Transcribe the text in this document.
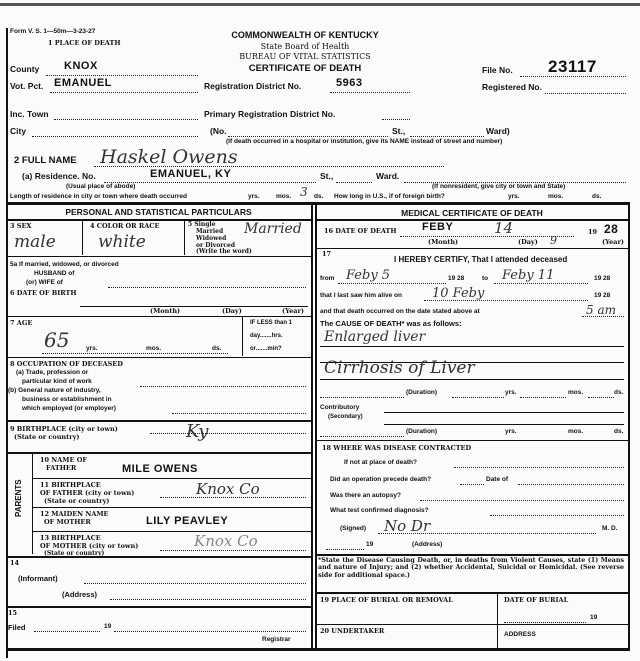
Form V. S. 1—50m—3-23-27
1 PLACE OF DEATH
COMMONWEALTH OF KENTUCKY
State Board of Health
BUREAU OF VITAL STATISTICS
CERTIFICATE OF DEATH
County KNOX
Vot. Pct. EMANUEL	Registration District No.	5963
File No. 23117
Registered No.
Inc. Town	Primary Registration District No.
City	(No.	St.,	Ward)
(If death occurred in a hospital or institution, give its NAME instead of street and number)
2 FULL NAME Haskel Owens
(a) Residence. No.	EMANUEL, KY	St.,	Ward.
(Usual place of abode)	(If nonresident, give city or town and State)
Length of residence in city or town where death occurred	yrs.	mos. 3 ds. How long in U.S., if of foreign birth?	yrs.	mos.	ds.
PERSONAL AND STATISTICAL PARTICULARS
3 SEX
male
4 COLOR OR RACE
white
5 Single
Married
Widowed
or Divorced
(Write the word)
Married
5a If married, widowed, or divorced
HUSBAND of
(or) WIFE of
6 DATE OF BIRTH
(Month)	(Day)	(Year)
7 AGE
65	yrs.	mos.	ds.
IF LESS than 1
day.......hrs.
or.......min?
8 OCCUPATION OF DECEASED
(a) Trade, profession or
particular kind of work
(b) General nature of industry,
business or establishment in
which employed (or employer)
9 BIRTHPLACE (city or town)
(State or country)	Ky
PARENTS
10 NAME OF
FATHER	MILE OWENS
11 BIRTHPLACE
OF FATHER (city or town)
(State or country)
Knox Co
12 MAIDEN NAME
OF MOTHER	LILY PEAVLEY
13 BIRTHPLACE
OF MOTHER (city or town)
(State or country)
Knox Co
14
(Informant)
(Address)
15
Filed	19
Registrar
MEDICAL CERTIFICATE OF DEATH
16 DATE OF DEATH FEBY	14	19 28
(Month)	(Day) 9	(Year)
17
I HEREBY CERTIFY, That I attended deceased
from Feby 5	19 28	to Feby 11	19 28
that I last saw him alive on 10 Feby	19 28
and that death occurred on the date stated above at	5 am
The CAUSE OF DEATH* was as follows:
Enlarged liver
Cirrhosis of Liver
(Duration)	yrs.	mos.	ds.
Contributory
(Secondary)
(Duration)	yrs.	mos.	ds.
18 WHERE WAS DISEASE CONTRACTED
If not at place of death?
Did an operation precede death?	Date of
Was there an autopsy?
What test confirmed diagnosis?
(Signed) No Dr	M. D.
19	(Address)
*State the Disease Causing Death, or, in deaths from Violent Causes, state (1) Means and nature of Injury; and (2) whether Accidental, Suicidal or Homicidal. (See reverse side for additional space.)
19 PLACE OF BURIAL OR REMOVAL	DATE OF BURIAL
19
20 UNDERTAKER	ADDRESS
